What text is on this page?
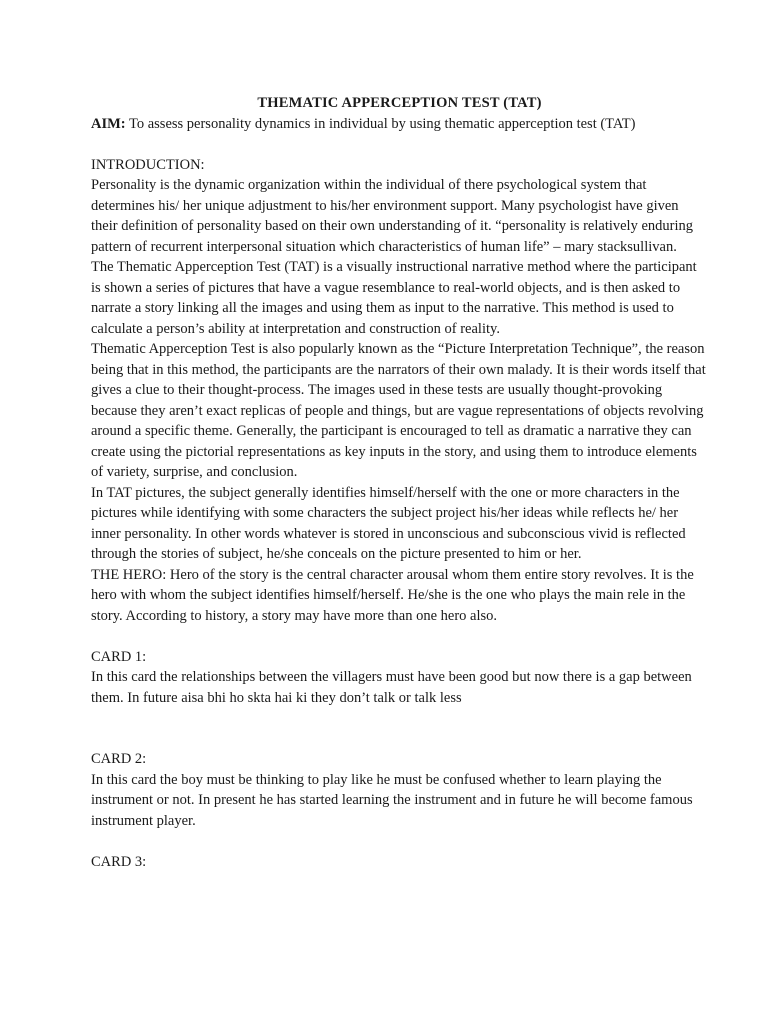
THEMATIC APPERCEPTION TEST (TAT)

AIM: To assess personality dynamics in individual by using thematic apperception test (TAT)

INTRODUCTION:

Personality is the dynamic organization within the individual of there psychological system that determines his/ her unique adjustment to his/her environment support. Many psychologist have given their definition of personality based on their own understanding of it. “personality is relatively enduring pattern of recurrent interpersonal situation which characteristics of human life” – mary stacksullivan.

The Thematic Apperception Test (TAT) is a visually instructional narrative method where the participant is shown a series of pictures that have a vague resemblance to real-world objects, and is then asked to narrate a story linking all the images and using them as input to the narrative. This method is used to calculate a person’s ability at interpretation and construction of reality.

Thematic Apperception Test is also popularly known as the “Picture Interpretation Technique”, the reason being that in this method, the participants are the narrators of their own malady. It is their words itself that gives a clue to their thought-process. The images used in these tests are usually thought-provoking because they aren’t exact replicas of people and things, but are vague representations of objects revolving around a specific theme. Generally, the participant is encouraged to tell as dramatic a narrative they can create using the pictorial representations as key inputs in the story, and using them to introduce elements of variety, surprise, and conclusion.

In TAT pictures, the subject generally identifies himself/herself with the one or more characters in the pictures while identifying with some characters the subject project his/her ideas while reflects he/ her inner personality. In other words whatever is stored in unconscious and subconscious vivid is reflected through the stories of subject, he/she conceals on the picture presented to him or her.

THE HERO: Hero of the story is the central character arousal whom them entire story revolves. It is the hero with whom the subject identifies himself/herself. He/she is the one who plays the main rele in the story. According to history, a story may have more than one hero also.

CARD 1:

In this card the relationships between the villagers must have been good but now there is a gap between them. In future aisa bhi ho skta hai ki they don’t talk or talk less

CARD 2:

In this card the boy must be thinking to play like he must be confused whether to learn playing the instrument or not. In present he has started learning the instrument and in future he will become famous instrument player.

CARD 3:
